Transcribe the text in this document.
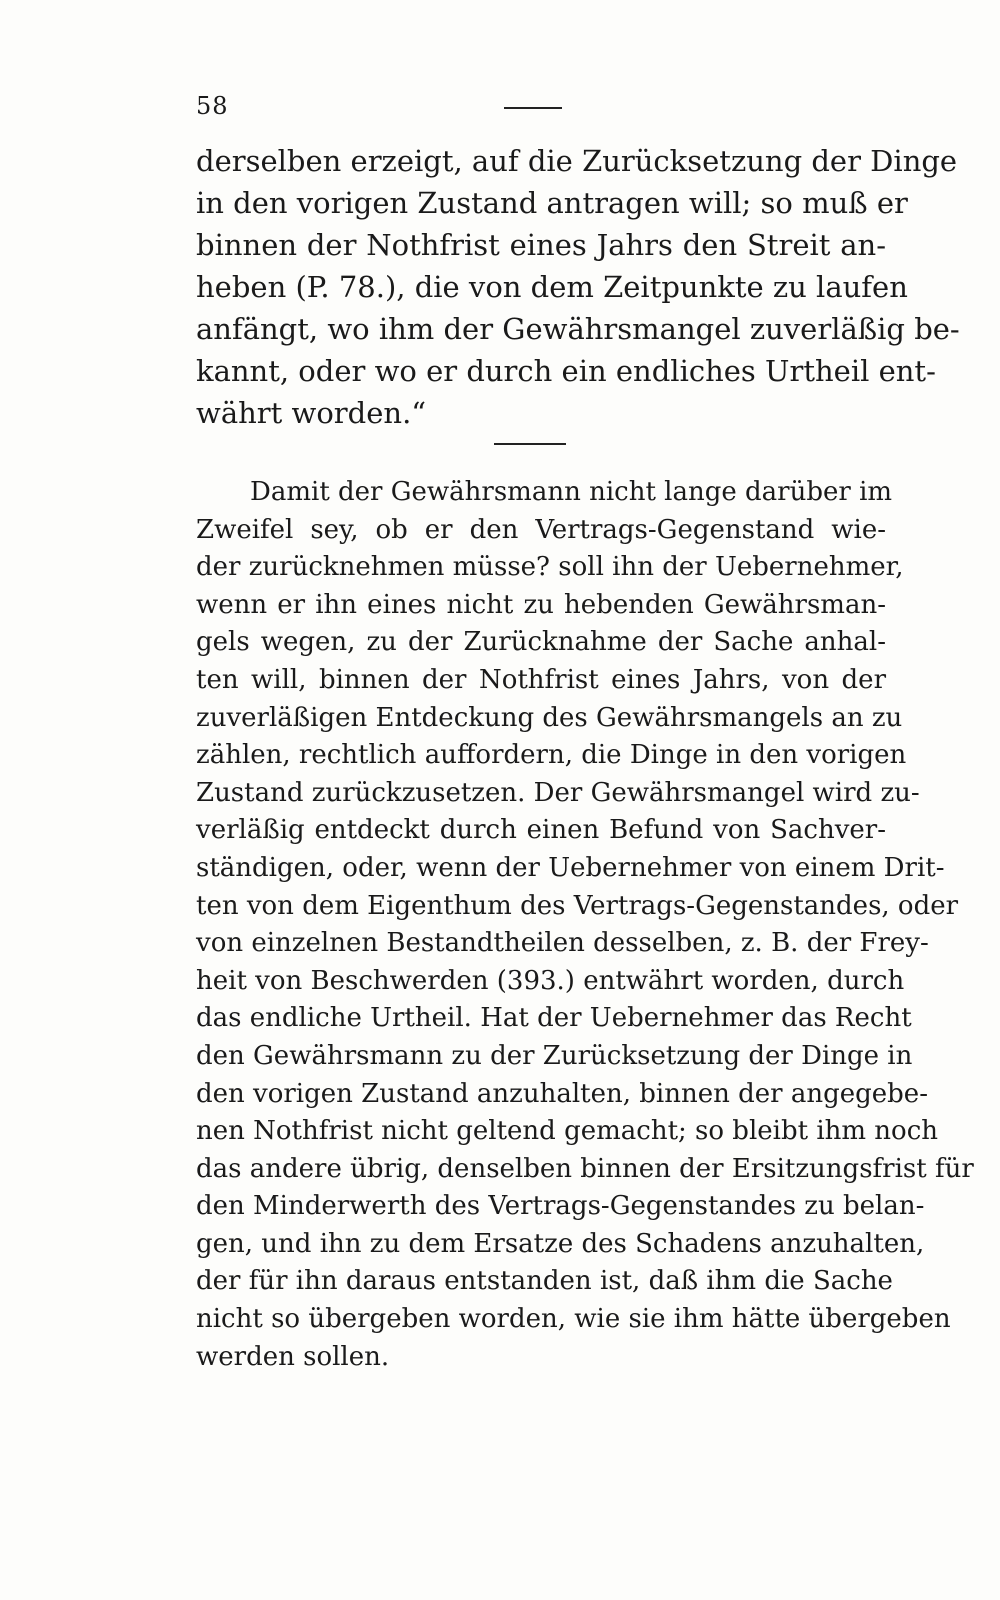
58
derselben erzeigt, auf die Zurücksetzung der Dinge
in den vorigen Zustand antragen will; so muß er
binnen der Nothfrist eines Jahrs den Streit an-
heben (P. 78.), die von dem Zeitpunkte zu laufen
anfängt, wo ihm der Gewährsmangel zuverläßig be-
kannt, oder wo er durch ein endliches Urtheil ent-
währt worden.“
Damit der Gewährsmann nicht lange darüber im
Zweifel sey, ob er den Vertrags-Gegenstand wie-
der zurücknehmen müsse? soll ihn der Uebernehmer,
wenn er ihn eines nicht zu hebenden Gewährsman-
gels wegen, zu der Zurücknahme der Sache anhal-
ten will, binnen der Nothfrist eines Jahrs, von der
zuverläßigen Entdeckung des Gewährsmangels an zu
zählen, rechtlich auffordern, die Dinge in den vorigen
Zustand zurückzusetzen. Der Gewährsmangel wird zu-
verläßig entdeckt durch einen Befund von Sachver-
ständigen, oder, wenn der Uebernehmer von einem Drit-
ten von dem Eigenthum des Vertrags-Gegenstandes, oder
von einzelnen Bestandtheilen desselben, z. B. der Frey-
heit von Beschwerden (393.) entwährt worden, durch
das endliche Urtheil. Hat der Uebernehmer das Recht
den Gewährsmann zu der Zurücksetzung der Dinge in
den vorigen Zustand anzuhalten, binnen der angegebe-
nen Nothfrist nicht geltend gemacht; so bleibt ihm noch
das andere übrig, denselben binnen der Ersitzungsfrist für
den Minderwerth des Vertrags-Gegenstandes zu belan-
gen, und ihn zu dem Ersatze des Schadens anzuhalten,
der für ihn daraus entstanden ist, daß ihm die Sache
nicht so übergeben worden, wie sie ihm hätte übergeben
werden sollen.
